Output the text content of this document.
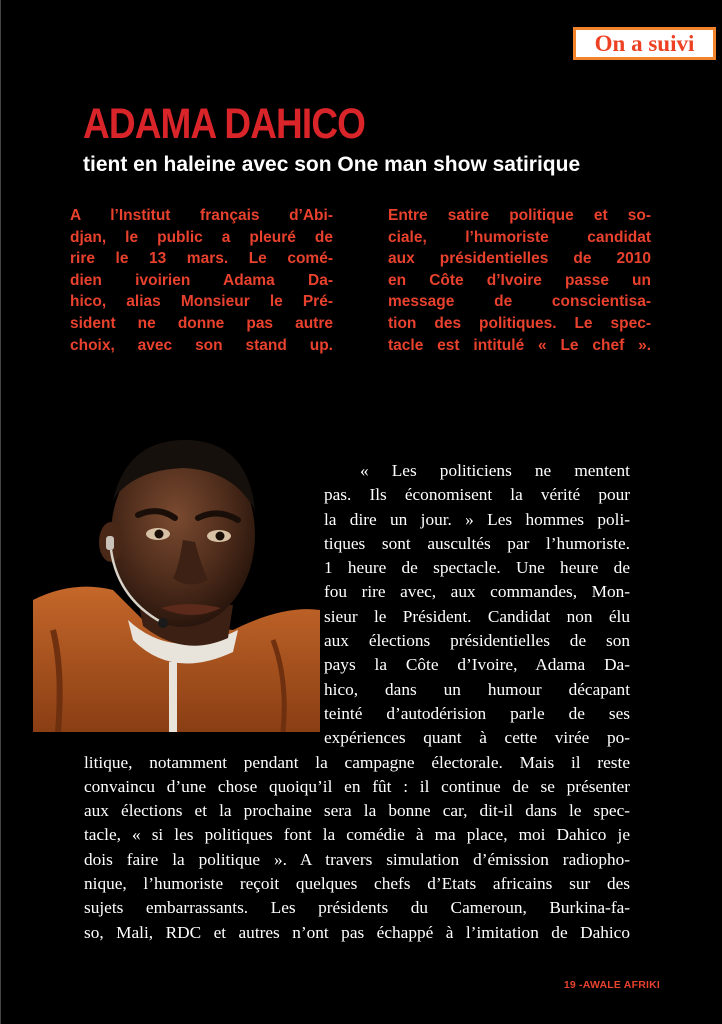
On a suivi
ADAMA DAHICO
tient en haleine avec son One man show satirique

A l’Institut français d’Abi-
djan, le public a pleuré de
rire le 13 mars. Le comé-
dien ivoirien Adama Da-
hico, alias Monsieur le Pré-
sident ne donne pas autre
choix, avec son stand up.

Entre satire politique et so-
ciale, l’humoriste candidat
aux présidentielles de 2010
en Côte d’Ivoire passe un
message de conscientisa-
tion des politiques. Le spec-
tacle est intitulé « Le chef ».

« Les politiciens ne mentent
pas. Ils économisent la vérité pour
la dire un jour. » Les hommes poli-
tiques sont auscultés par l’humoriste.
1 heure de spectacle. Une heure de
fou rire avec, aux commandes, Mon-
sieur le Président. Candidat non élu
aux élections présidentielles de son
pays la Côte d’Ivoire, Adama Da-
hico, dans un humour décapant
teinté d’autodérision parle de ses
expériences quant à cette virée po-
litique, notamment pendant la campagne électorale. Mais il reste
convaincu d’une chose quoiqu’il en fût : il continue de se présenter
aux élections et la prochaine sera la bonne car, dit-il dans le spec-
tacle, « si les politiques font la comédie à ma place, moi Dahico je
dois faire la politique ». A travers simulation d’émission radiopho-
nique, l’humoriste reçoit quelques chefs d’Etats africains sur des
sujets embarrassants. Les présidents du Cameroun, Burkina-fa-
so, Mali, RDC et autres n’ont pas échappé à l’imitation de Dahico

19 -AWALE AFRIKI
